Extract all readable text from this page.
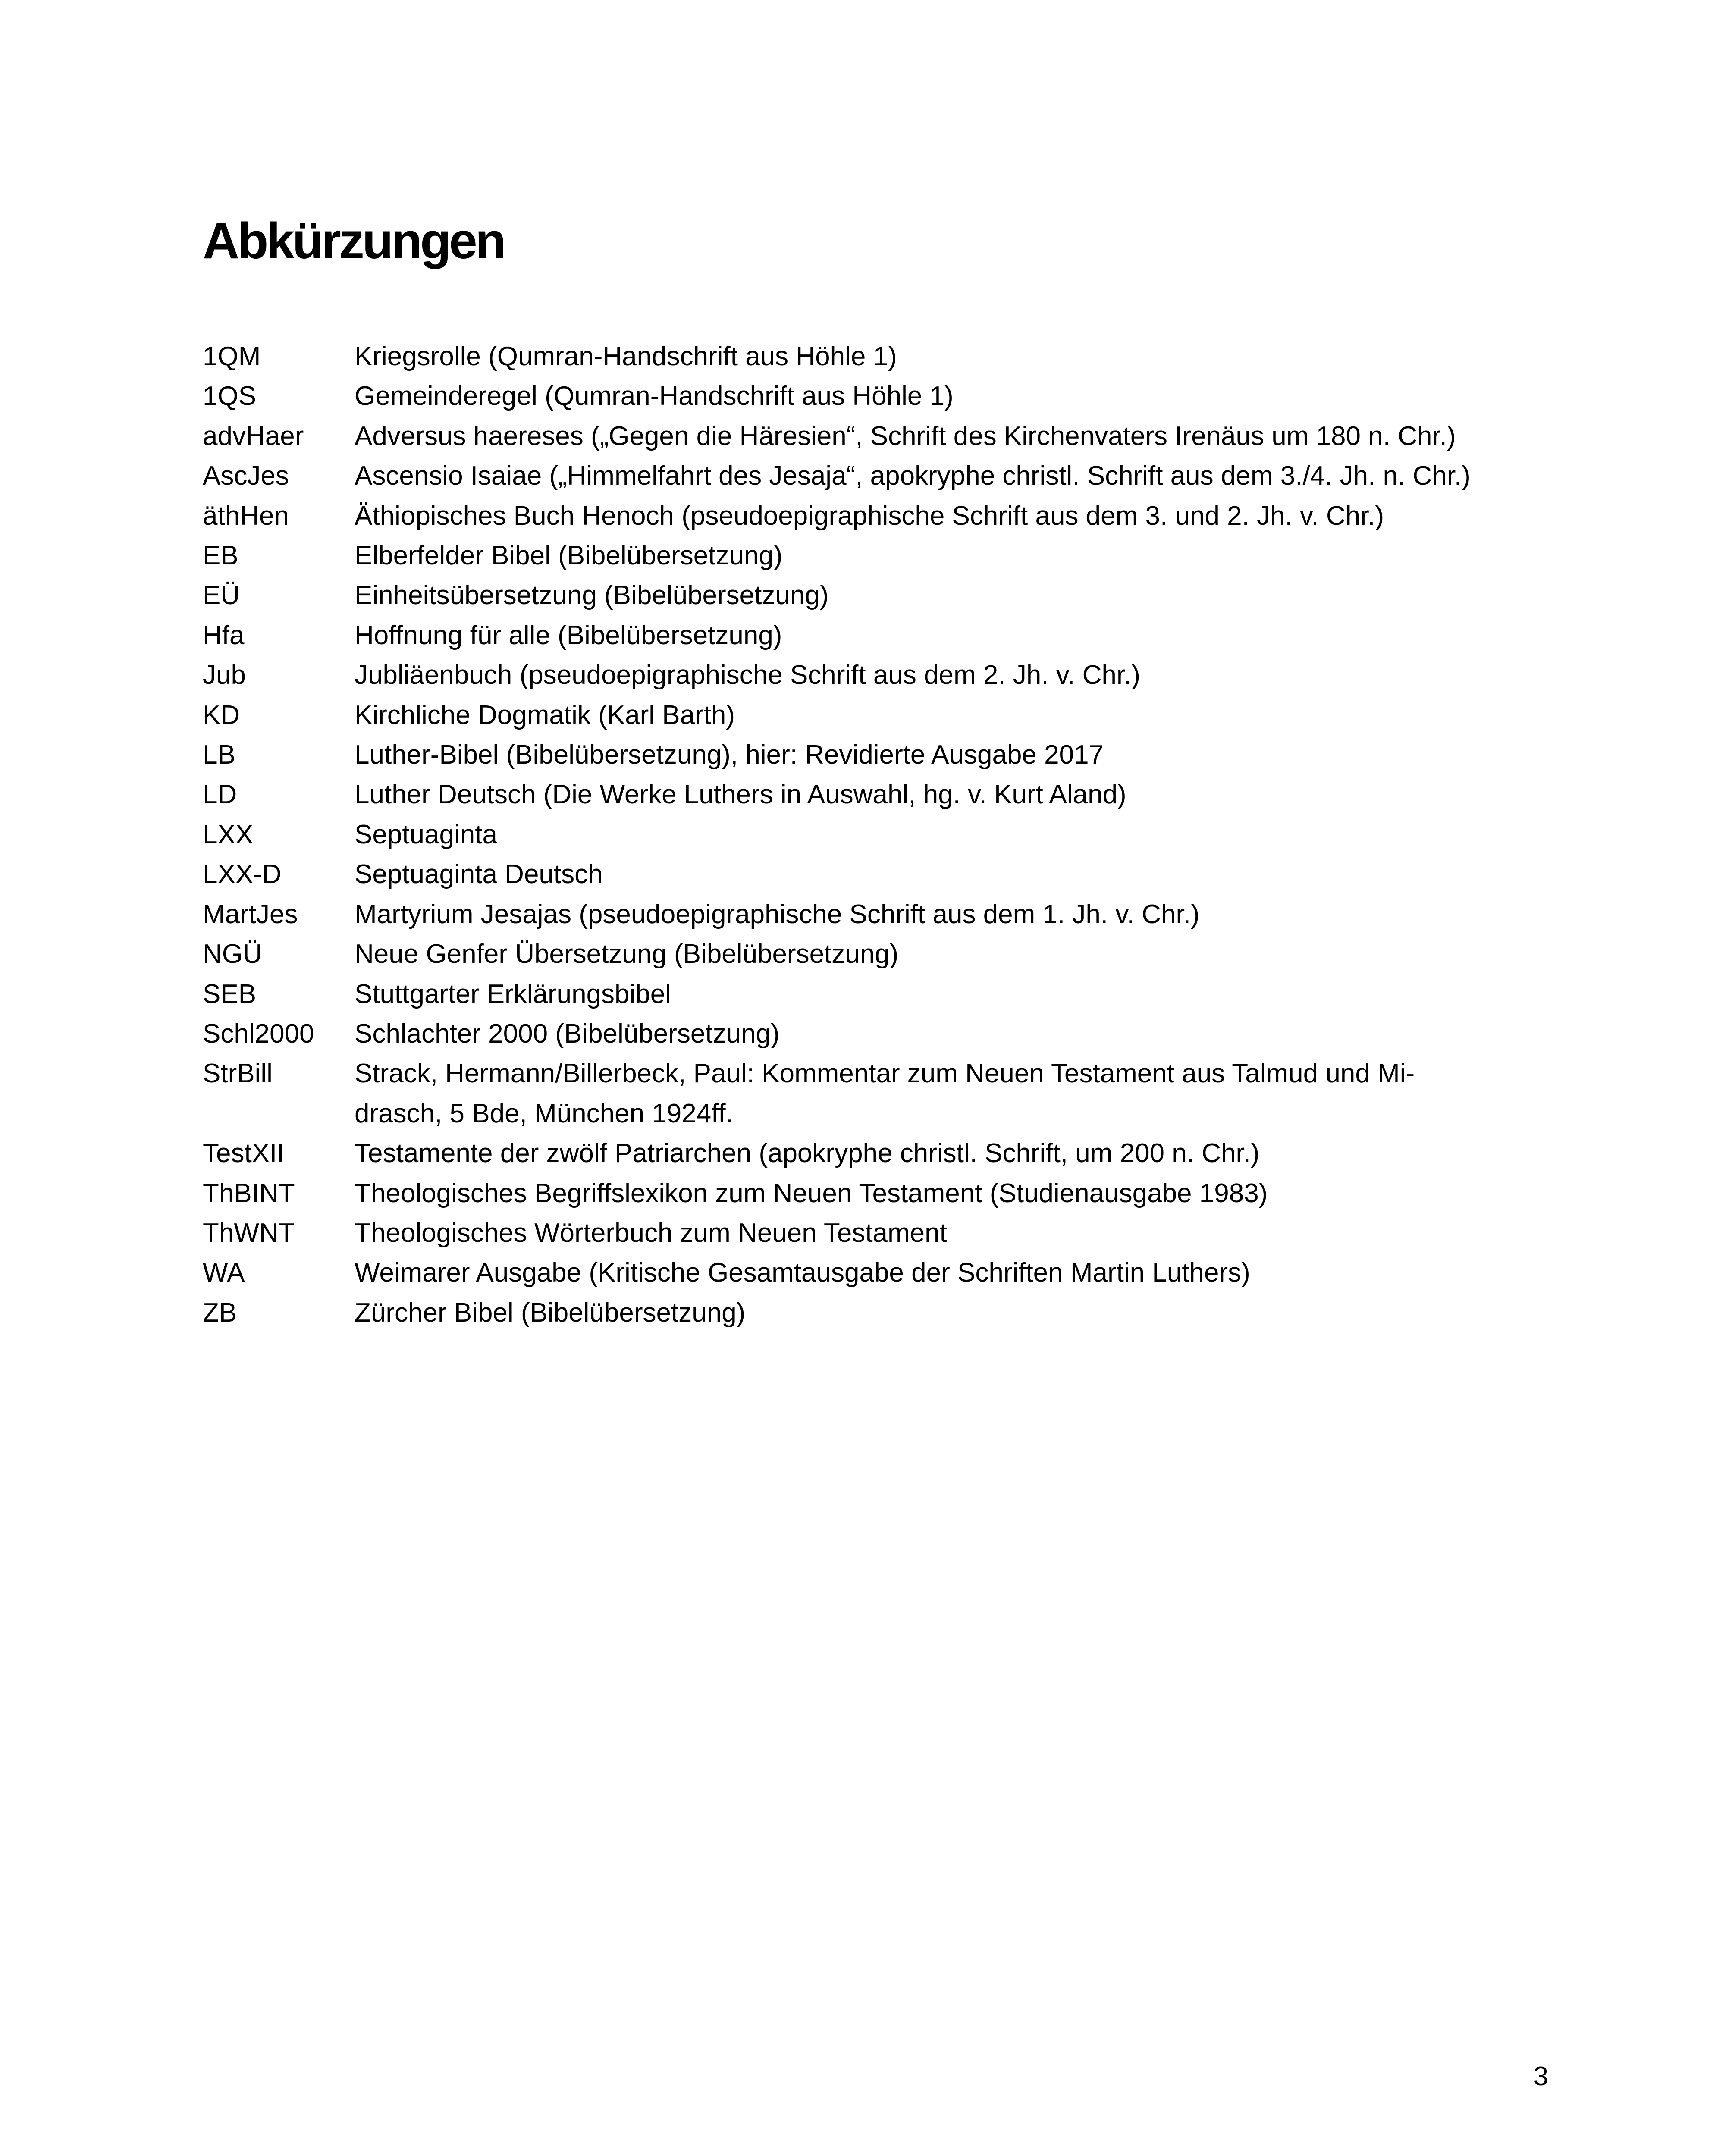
Abkürzungen
1QM	Kriegsrolle (Qumran-Handschrift aus Höhle 1)
1QS	Gemeinderegel (Qumran-Handschrift aus Höhle 1)
advHaer	Adversus haereses („Gegen die Häresien“, Schrift des Kirchenvaters Irenäus um 180 n. Chr.)
AscJes	Ascensio Isaiae („Himmelfahrt des Jesaja“, apokryphe christl. Schrift aus dem 3./4. Jh. n. Chr.)
äthHen	Äthiopisches Buch Henoch (pseudoepigraphische Schrift aus dem 3. und 2. Jh. v. Chr.)
EB	Elberfelder Bibel (Bibelübersetzung)
EÜ	Einheitsübersetzung (Bibelübersetzung)
Hfa	Hoffnung für alle (Bibelübersetzung)
Jub	Jubliäenbuch (pseudoepigraphische Schrift aus dem 2. Jh. v. Chr.)
KD	Kirchliche Dogmatik (Karl Barth)
LB	Luther-Bibel (Bibelübersetzung), hier: Revidierte Ausgabe 2017
LD	Luther Deutsch (Die Werke Luthers in Auswahl, hg. v. Kurt Aland)
LXX	Septuaginta
LXX-D	Septuaginta Deutsch
MartJes	Martyrium Jesajas (pseudoepigraphische Schrift aus dem 1. Jh. v. Chr.)
NGÜ	Neue Genfer Übersetzung (Bibelübersetzung)
SEB	Stuttgarter Erklärungsbibel
Schl2000	Schlachter 2000 (Bibelübersetzung)
StrBill	Strack, Hermann/Billerbeck, Paul: Kommentar zum Neuen Testament aus Talmud und Mi-
drasch, 5 Bde, München 1924ff.
TestXII	Testamente der zwölf Patriarchen (apokryphe christl. Schrift, um 200 n. Chr.)
ThBINT	Theologisches Begriffslexikon zum Neuen Testament (Studienausgabe 1983)
ThWNT	Theologisches Wörterbuch zum Neuen Testament
WA	Weimarer Ausgabe (Kritische Gesamtausgabe der Schriften Martin Luthers)
ZB	Zürcher Bibel (Bibelübersetzung)
3
